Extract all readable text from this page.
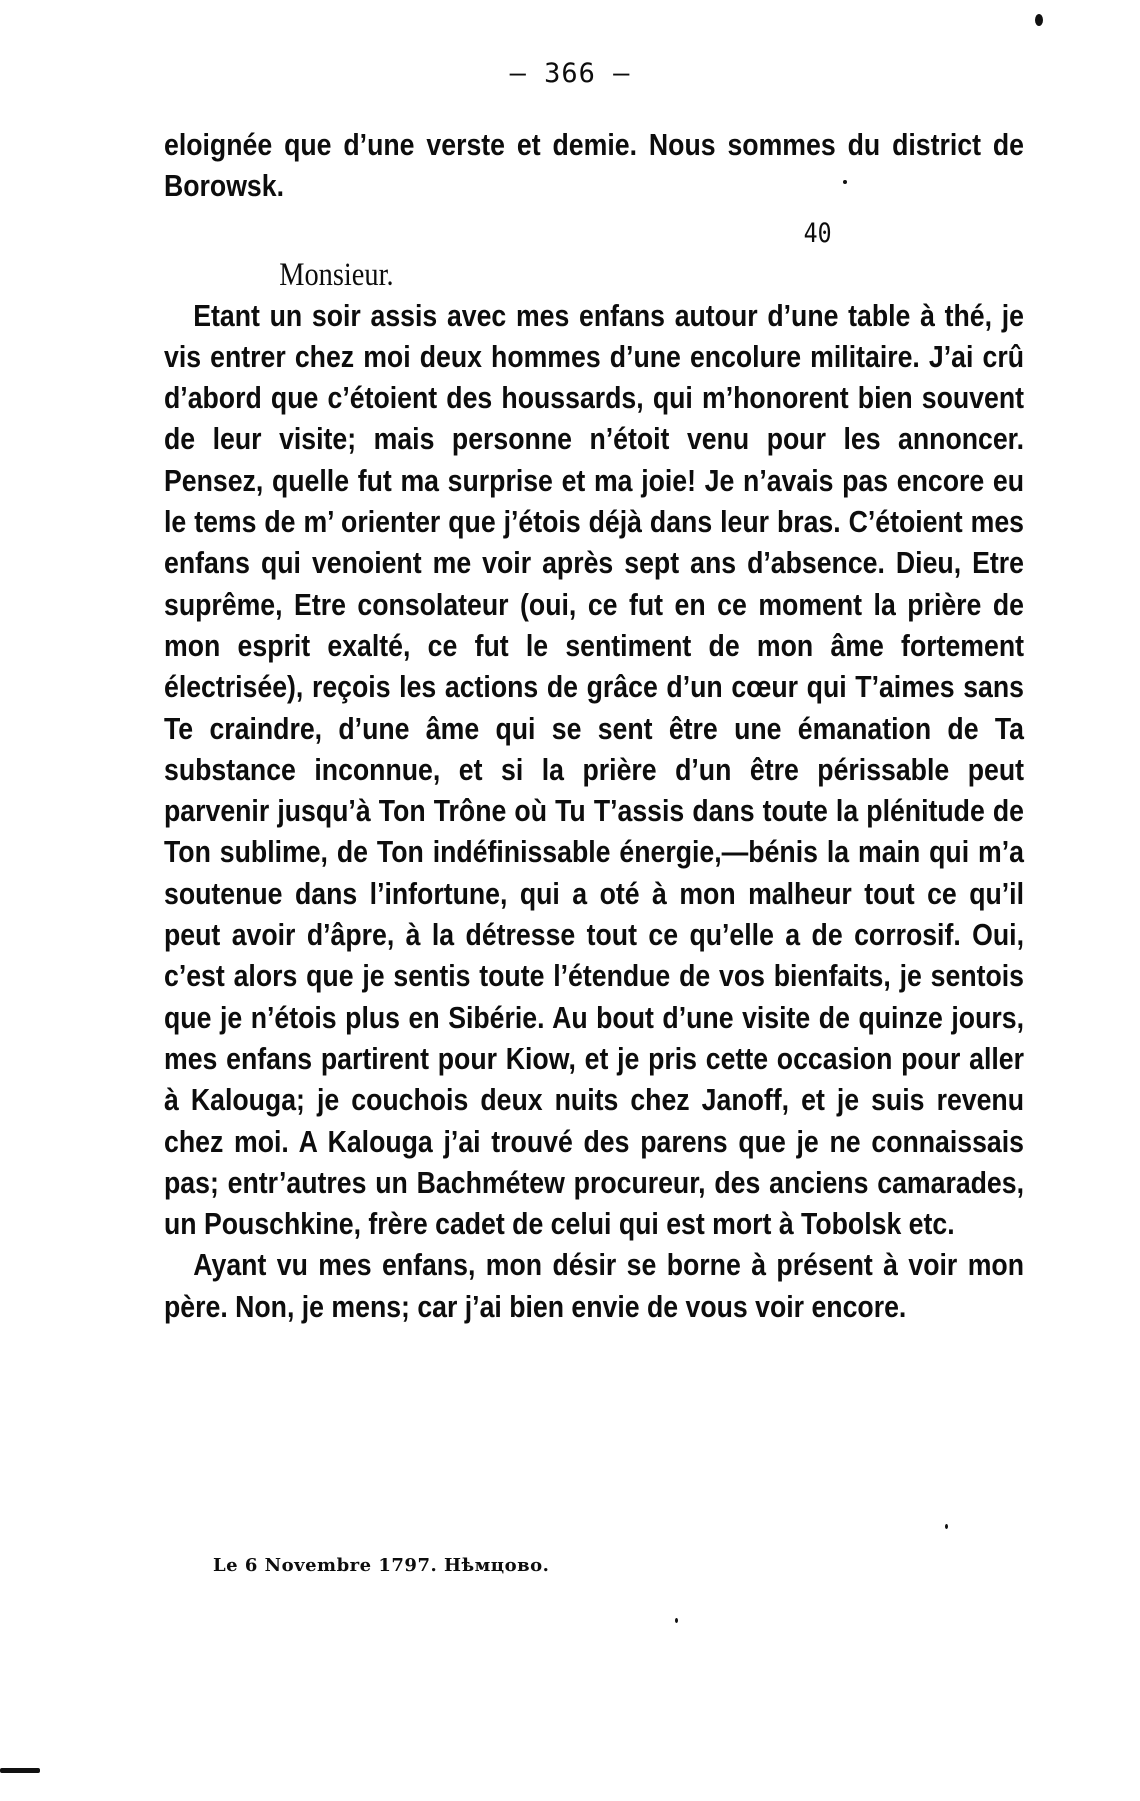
— 366 —

eloignée que d’une verste et demie. Nous sommes du district de Borowsk.

40

Monsieur.

Etant un soir assis avec mes enfans autour d’une table à thé, je vis entrer chez moi deux hommes d’une encolure militaire. J’ai crû d’abord que c’étoient des houssards, qui m’honorent bien souvent de leur visite; mais personne n’étoit venu pour les annoncer. Pensez, quelle fut ma surprise et ma joie! Je n’avais pas encore eu le tems de m’ orienter que j’étois déjà dans leur bras. C’étoient mes enfans qui venoient me voir après sept ans d’absence. Dieu, Etre suprême, Etre consolateur (oui, ce fut en ce moment la prière de mon esprit exalté, ce fut le sentiment de mon âme fortement électrisée), reçois les actions de grâce d’un cœur qui T’aimes sans Te craindre, d’une âme qui se sent être une émanation de Ta substance inconnue, et si la prière d’un être périssable peut parvenir jusqu’à Ton Trône où Tu T’assis dans toute la plénitude de Ton sublime, de Ton indéfinissable énergie,—bénis la main qui m’a soutenue dans l’infortune, qui a oté à mon malheur tout ce qu’il peut avoir d’âpre, à la détresse tout ce qu’elle a de corrosif. Oui, c’est alors que je sentis toute l’étendue de vos bienfaits, je sentois que je n’étois plus en Sibérie. Au bout d’une visite de quinze jours, mes enfans partirent pour Kiow, et je pris cette occasion pour aller à Kalouga; je couchois deux nuits chez Janoff, et je suis revenu chez moi. A Kalouga j’ai trouvé des parens que je ne connaissais pas; entr’autres un Bachmétew procureur, des anciens camarades, un Pouschkine, frère cadet de celui qui est mort à Tobolsk etc.

Ayant vu mes enfans, mon désir se borne à présent à voir mon père. Non, je mens; car j’ai bien envie de vous voir encore.

Le 6 Novembre 1797. Нѣмцово.
